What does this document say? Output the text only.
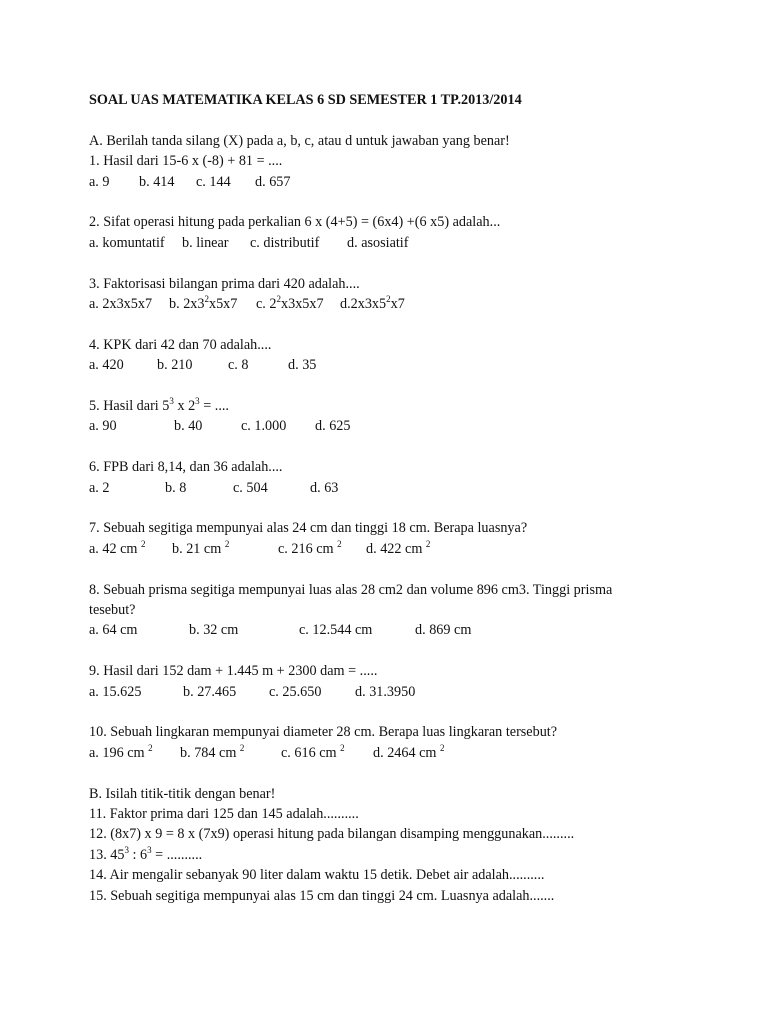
SOAL UAS MATEMATIKA KELAS 6 SD SEMESTER 1 TP.2013/2014

A. Berilah tanda silang (X) pada a, b, c, atau d untuk jawaban yang benar!

1. Hasil dari 15-6 x (-8) + 81 = ....

a. 9 b. 414 c. 144 d. 657

2. Sifat operasi hitung pada perkalian 6 x (4+5) = (6x4) +(6 x5) adalah...

a. komuntatif b. linear c. distributif d. asosiatif

3. Faktorisasi bilangan prima dari 420 adalah....

a. 2x3x5x7 b. $2x3^2x5x7$ c. $2^2x3x5x7$ $d.2x3x5^2x7$

4. KPK dari 42 dan 70 adalah....

a. 420 b. 210	c. 8	d. 35

5. Hasil dari $5^3$ x $2^3$ = ....

a. 90	b. 40	c. 1.000 d. 625

6. FPB dari 8,14, dan 36 adalah....

a. 2	b. 8	c. 504	d. 63

7. Sebuah segitiga mempunyai alas 24 cm dan tinggi 18 cm. Berapa luasnya?

a. 42 cm $^2$ b. 21 cm $^2$	c. 216 cm $^2$ d. 422 cm $^2$

8. Sebuah prisma segitiga mempunyai luas alas 28 cm2 dan volume 896 cm3. Tinggi prisma

tesebut?

a. 64 cm	b. 32 cm	c. 12.544 cm	d. 869 cm

9. Hasil dari 152 dam + 1.445 m + 2300 dam = .....

a. 15.625	b. 27.465 c. 25.650 d. 31.3950

10. Sebuah lingkaran mempunyai diameter 28 cm. Berapa luas lingkaran tersebut?

a. 196 cm $^2$ b. 784 cm $^2$	c. 616 cm $^2$ d. 2464 cm $^2$

B. Isilah titik-titik dengan benar!

11. Faktor prima dari 125 dan 145 adalah..........

12. (8x7) x 9 = 8 x (7x9) operasi hitung pada bilangan disamping menggunakan.........

13. $45^3$ : $6^3$ = ..........

14. Air mengalir sebanyak 90 liter dalam waktu 15 detik. Debet air adalah..........

15. Sebuah segitiga mempunyai alas 15 cm dan tinggi 24 cm. Luasnya adalah.......
